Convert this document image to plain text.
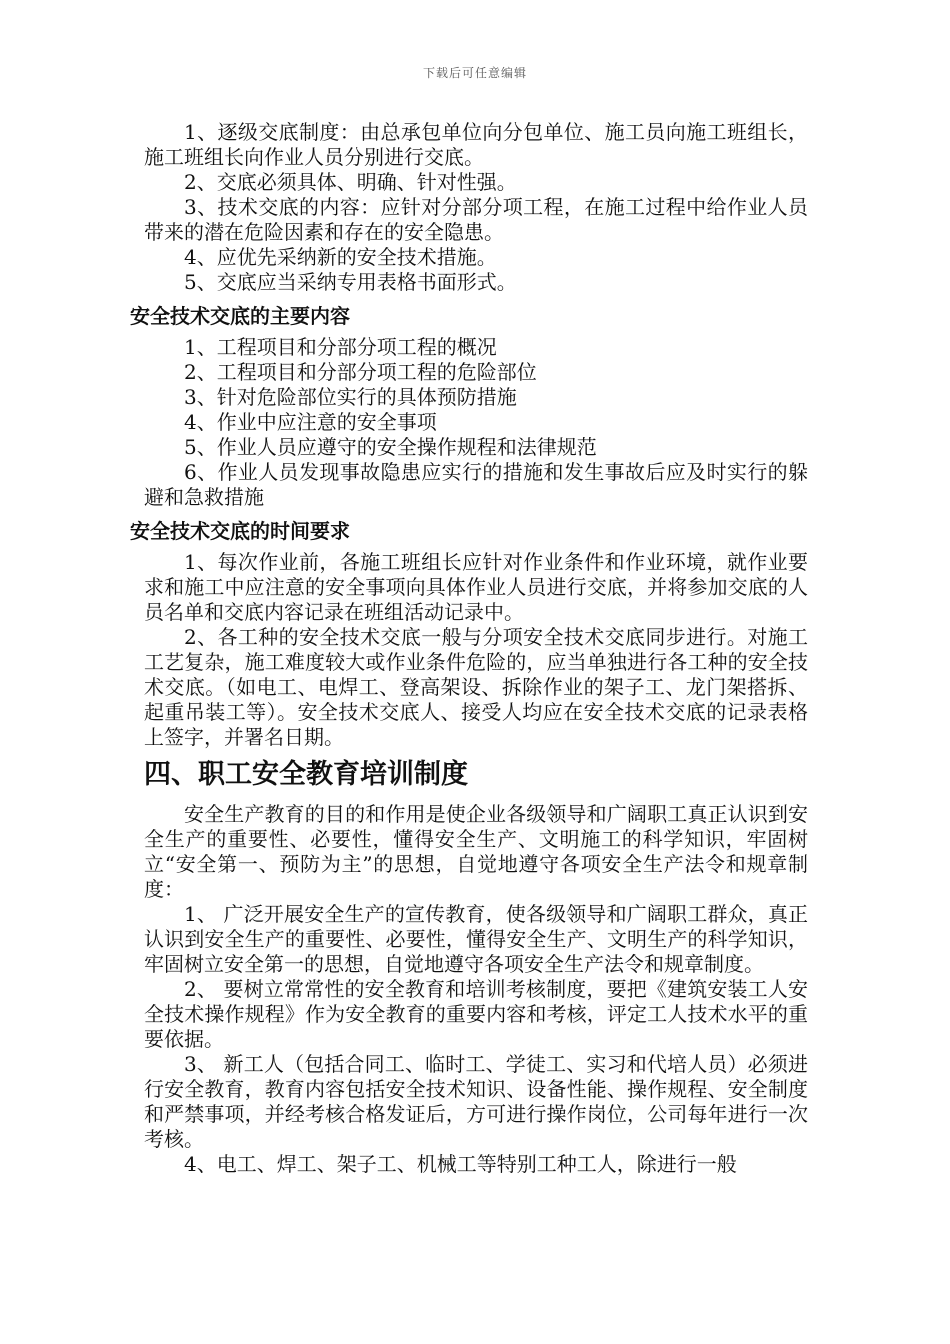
下载后可任意编辑

1、逐级交底制度：由总承包单位向分包单位、施工员向施工班组长，施工班组长向作业人员分别进行交底。

2、交底必须具体、明确、针对性强。

3、技术交底的内容：应针对分部分项工程，在施工过程中给作业人员带来的潜在危险因素和存在的安全隐患。

4、应优先采纳新的安全技术措施。

5、交底应当采纳专用表格书面形式。

安全技术交底的主要内容

1、工程项目和分部分项工程的概况

2、工程项目和分部分项工程的危险部位

3、针对危险部位实行的具体预防措施

4、作业中应注意的安全事项

5、作业人员应遵守的安全操作规程和法律规范

6、作业人员发现事故隐患应实行的措施和发生事故后应及时实行的躲避和急救措施

安全技术交底的时间要求

1、每次作业前，各施工班组长应针对作业条件和作业环境，就作业要求和施工中应注意的安全事项向具体作业人员进行交底，并将参加交底的人员名单和交底内容记录在班组活动记录中。

2、各工种的安全技术交底一般与分项安全技术交底同步进行。对施工工艺复杂，施工难度较大或作业条件危险的，应当单独进行各工种的安全技术交底。（如电工、电焊工、登高架设、拆除作业的架子工、龙门架搭拆、起重吊装工等）。安全技术交底人、接受人均应在安全技术交底的记录表格上签字，并署名日期。

四、职工安全教育培训制度

安全生产教育的目的和作用是使企业各级领导和广阔职工真正认识到安全生产的重要性、必要性，懂得安全生产、文明施工的科学知识，牢固树立“安全第一、预防为主”的思想，自觉地遵守各项安全生产法令和规章制度：

1、 广泛开展安全生产的宣传教育，使各级领导和广阔职工群众，真正认识到安全生产的重要性、必要性，懂得安全生产、文明生产的科学知识，牢固树立安全第一的思想，自觉地遵守各项安全生产法令和规章制度。

2、 要树立常常性的安全教育和培训考核制度，要把《建筑安装工人安全技术操作规程》作为安全教育的重要内容和考核，评定工人技术水平的重要依据。

3、 新工人（包括合同工、临时工、学徒工、实习和代培人员）必须进行安全教育，教育内容包括安全技术知识、设备性能、操作规程、安全制度和严禁事项，并经考核合格发证后，方可进行操作岗位，公司每年进行一次考核。

4、电工、焊工、架子工、机械工等特别工种工人，除进行一般
